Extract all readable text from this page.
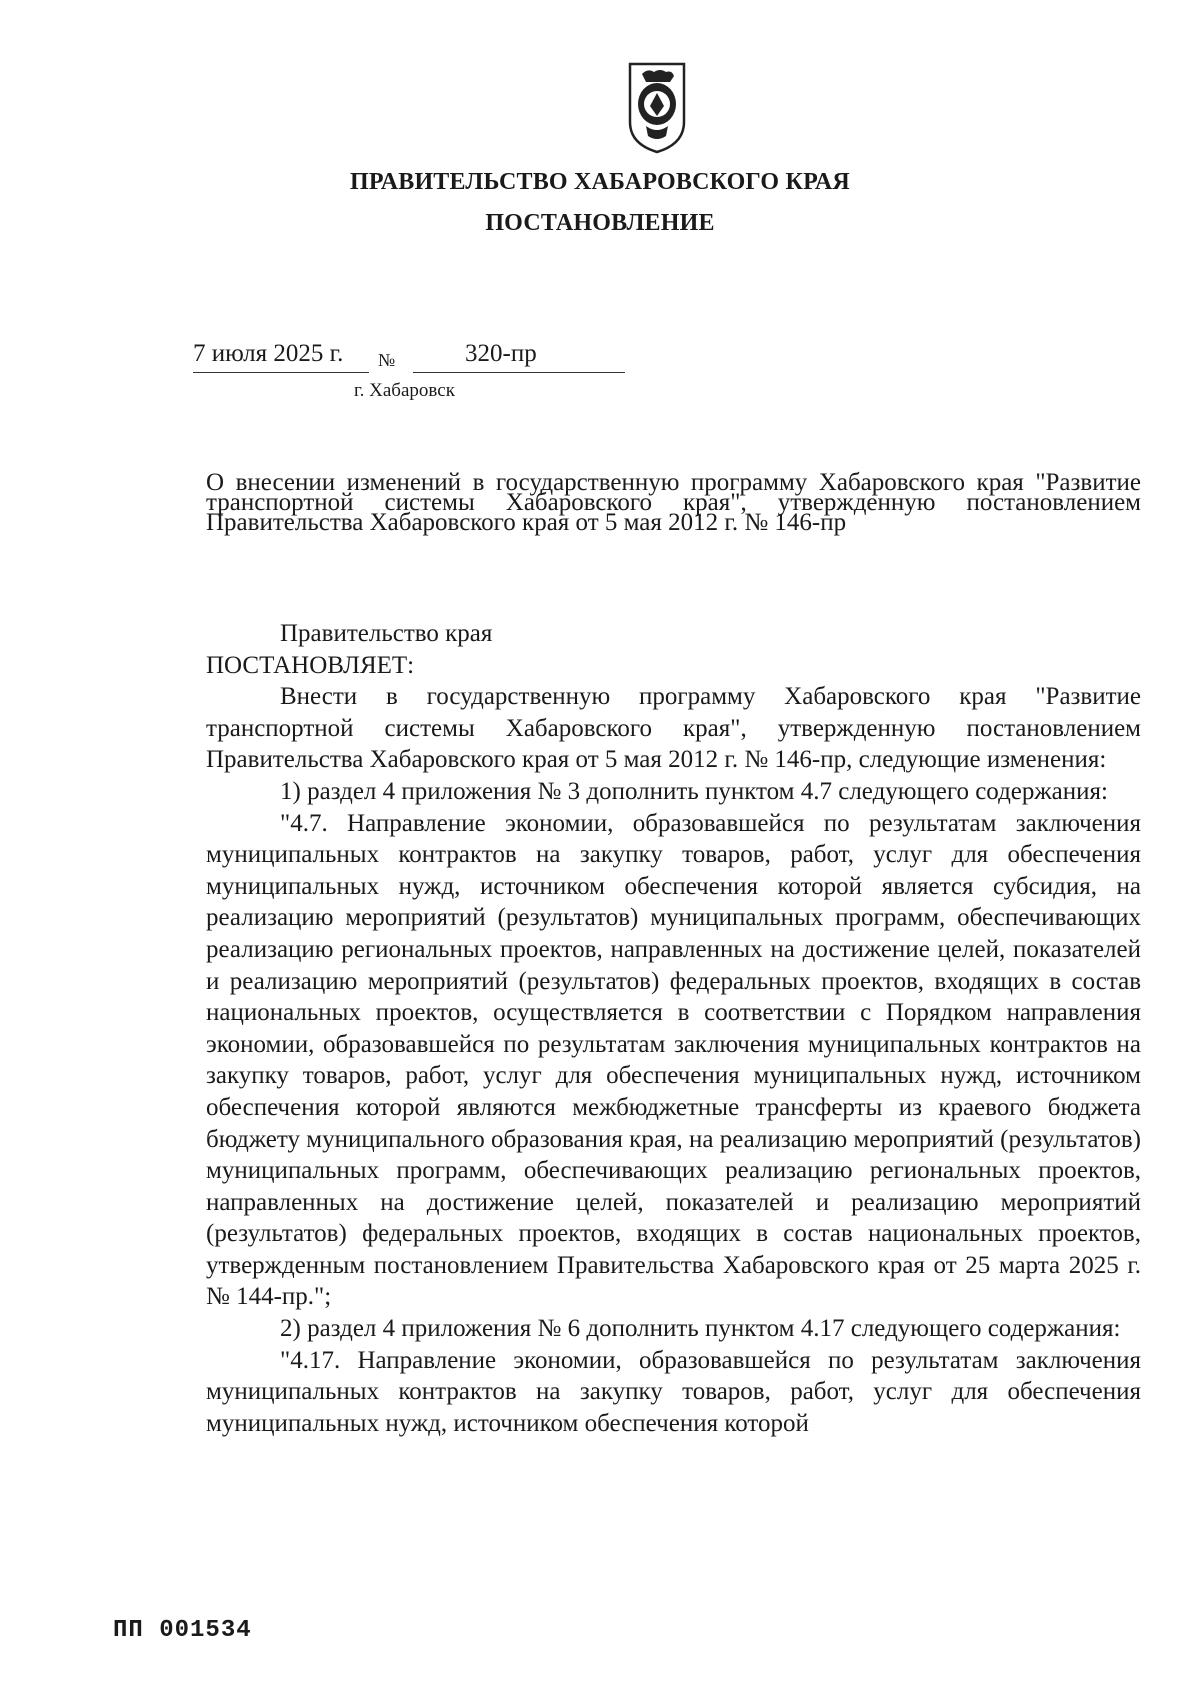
ПРАВИТЕЛЬСТВО ХАБАРОВСКОГО КРАЯ
ПОСТАНОВЛЕНИЕ
7 июля 2025 г. №	320-пр
г. Хабаровск
О внесении изменений в государственную программу Хабаровского края "Развитие транспортной системы Хабаровского края", утвержденную постановлением Правительства Хабаровского края от 5 мая 2012 г. № 146-пр

Правительство края

ПОСТАНОВЛЯЕТ:

Внести в государственную программу Хабаровского края "Развитие транспортной системы Хабаровского края", утвержденную постановлением Правительства Хабаровского края от 5 мая 2012 г. № 146-пр, следующие изменения:

1) раздел 4 приложения № 3 дополнить пунктом 4.7 следующего содержания:

"4.7. Направление экономии, образовавшейся по результатам заключения муниципальных контрактов на закупку товаров, работ, услуг для обеспечения муниципальных нужд, источником обеспечения которой является субсидия, на реализацию мероприятий (результатов) муниципальных программ, обеспечивающих реализацию региональных проектов, направленных на достижение целей, показателей и реализацию мероприятий (результатов) федеральных проектов, входящих в состав национальных проектов, осуществляется в соответствии с Порядком направления экономии, образовавшейся по результатам заключения муниципальных контрактов на закупку товаров, работ, услуг для обеспечения муниципальных нужд, источником обеспечения которой являются межбюджетные трансферты из краевого бюджета бюджету муниципального образования края, на реализацию мероприятий (результатов) муниципальных программ, обеспечивающих реализацию региональных проектов, направленных на достижение целей, показателей и реализацию мероприятий (результатов) федеральных проектов, входящих в состав национальных проектов, утвержденным постановлением Правительства Хабаровского края от 25 марта 2025 г. № 144-пр.";

2) раздел 4 приложения № 6 дополнить пунктом 4.17 следующего содержания:

"4.17. Направление экономии, образовавшейся по результатам заключения муниципальных контрактов на закупку товаров, работ, услуг для обеспечения муниципальных нужд, источником обеспечения которой

ПП 001534
